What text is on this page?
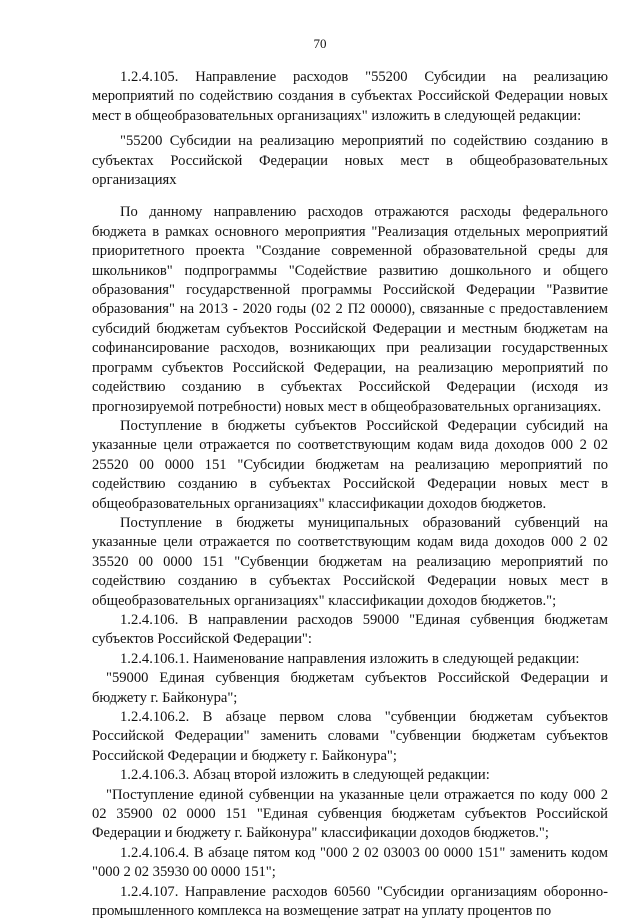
70

1.2.4.105. Направление расходов "55200 Субсидии на реализацию мероприятий по содействию создания в субъектах Российской Федерации новых мест в общеобразовательных организациях" изложить в следующей редакции:

"55200 Субсидии на реализацию мероприятий по содействию созданию в субъектах Российской Федерации новых мест в общеобразовательных организациях

По данному направлению расходов отражаются расходы федерального бюджета в рамках основного мероприятия "Реализация отдельных мероприятий приоритетного проекта "Создание современной образовательной среды для школьников" подпрограммы "Содействие развитию дошкольного и общего образования" государственной программы Российской Федерации "Развитие образования" на 2013 - 2020 годы (02 2 П2 00000), связанные с предоставлением субсидий бюджетам субъектов Российской Федерации и местным бюджетам на софинансирование расходов, возникающих при реализации государственных программ субъектов Российской Федерации, на реализацию мероприятий по содействию созданию в субъектах Российской Федерации (исходя из прогнозируемой потребности) новых мест в общеобразовательных организациях.

Поступление в бюджеты субъектов Российской Федерации субсидий на указанные цели отражается по соответствующим кодам вида доходов 000 2 02 25520 00 0000 151 "Субсидии бюджетам на реализацию мероприятий по содействию созданию в субъектах Российской Федерации новых мест в общеобразовательных организациях" классификации доходов бюджетов.

Поступление в бюджеты муниципальных образований субвенций на указанные цели отражается по соответствующим кодам вида доходов 000 2 02 35520 00 0000 151 "Субвенции бюджетам на реализацию мероприятий по содействию созданию в субъектах Российской Федерации новых мест в общеобразовательных организациях" классификации доходов бюджетов.";

1.2.4.106. В направлении расходов 59000 "Единая субвенция бюджетам субъектов Российской Федерации":

1.2.4.106.1. Наименование направления изложить в следующей редакции:

"59000 Единая субвенция бюджетам субъектов Российской Федерации и бюджету г. Байконура";

1.2.4.106.2. В абзаце первом слова "субвенции бюджетам субъектов Российской Федерации" заменить словами "субвенции бюджетам субъектов Российской Федерации и бюджету г. Байконура";

1.2.4.106.3. Абзац второй изложить в следующей редакции:

"Поступление единой субвенции на указанные цели отражается по коду 000 2 02 35900 02 0000 151 "Единая субвенция бюджетам субъектов Российской Федерации и бюджету г. Байконура" классификации доходов бюджетов.";

1.2.4.106.4. В абзаце пятом код "000 2 02 03003 00 0000 151" заменить кодом "000 2 02 35930 00 0000 151";

1.2.4.107. Направление расходов 60560 "Субсидии организациям оборонно-промышленного комплекса на возмещение затрат на уплату процентов по
